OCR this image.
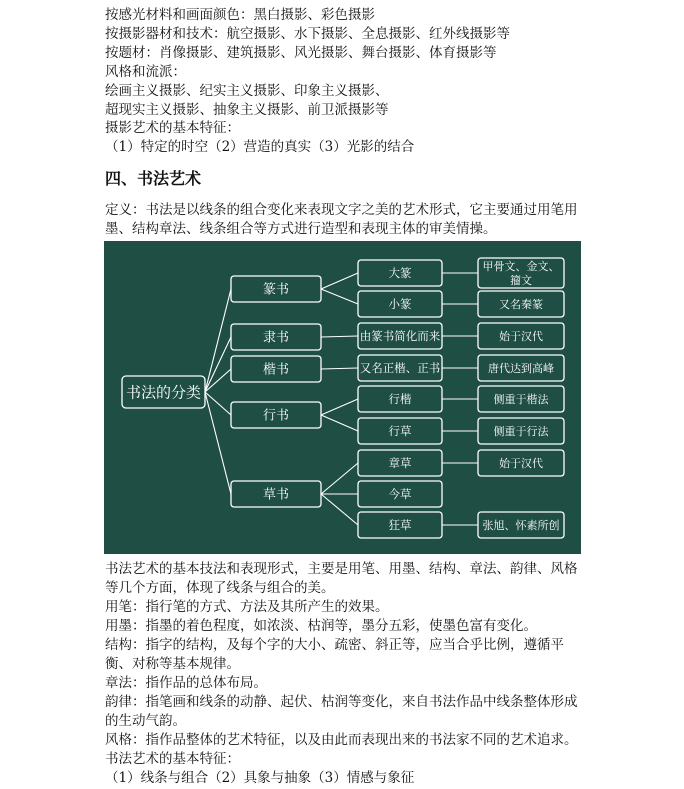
按感光材料和画面颜色：黑白摄影、彩色摄影
按摄影器材和技术：航空摄影、水下摄影、全息摄影、红外线摄影等
按题材：肖像摄影、建筑摄影、风光摄影、舞台摄影、体育摄影等
风格和流派：
绘画主义摄影、纪实主义摄影、印象主义摄影、
超现实主义摄影、抽象主义摄影、前卫派摄影等
摄影艺术的基本特征：
（1）特定的时空（2）营造的真实（3）光影的结合
四、书法艺术
定义：书法是以线条的组合变化来表现文字之美的艺术形式，它主要通过用笔用墨、结构章法、线条组合等方式进行造型和表现主体的审美情操。
书法的分类
篆书
大篆	甲骨文、金文、籀文
小篆	又名秦篆
隶书	由篆书简化而来	始于汉代
楷书	又名正楷、正书	唐代达到高峰
行书
行楷	侧重于楷法
行草	侧重于行法
草书
章草	始于汉代
今草
狂草	张旭、怀素所创
书法艺术的基本技法和表现形式，主要是用笔、用墨、结构、章法、韵律、风格等几个方面，体现了线条与组合的美。
用笔：指行笔的方式、方法及其所产生的效果。
用墨：指墨的着色程度，如浓淡、枯润等，墨分五彩，使墨色富有变化。
结构：指字的结构，及每个字的大小、疏密、斜正等，应当合乎比例，遵循平衡、对称等基本规律。
章法：指作品的总体布局。
韵律：指笔画和线条的动静、起伏、枯润等变化，来自书法作品中线条整体形成的生动气韵。
风格：指作品整体的艺术特征，以及由此而表现出来的书法家不同的艺术追求。
书法艺术的基本特征：
（1）线条与组合（2）具象与抽象（3）情感与象征
